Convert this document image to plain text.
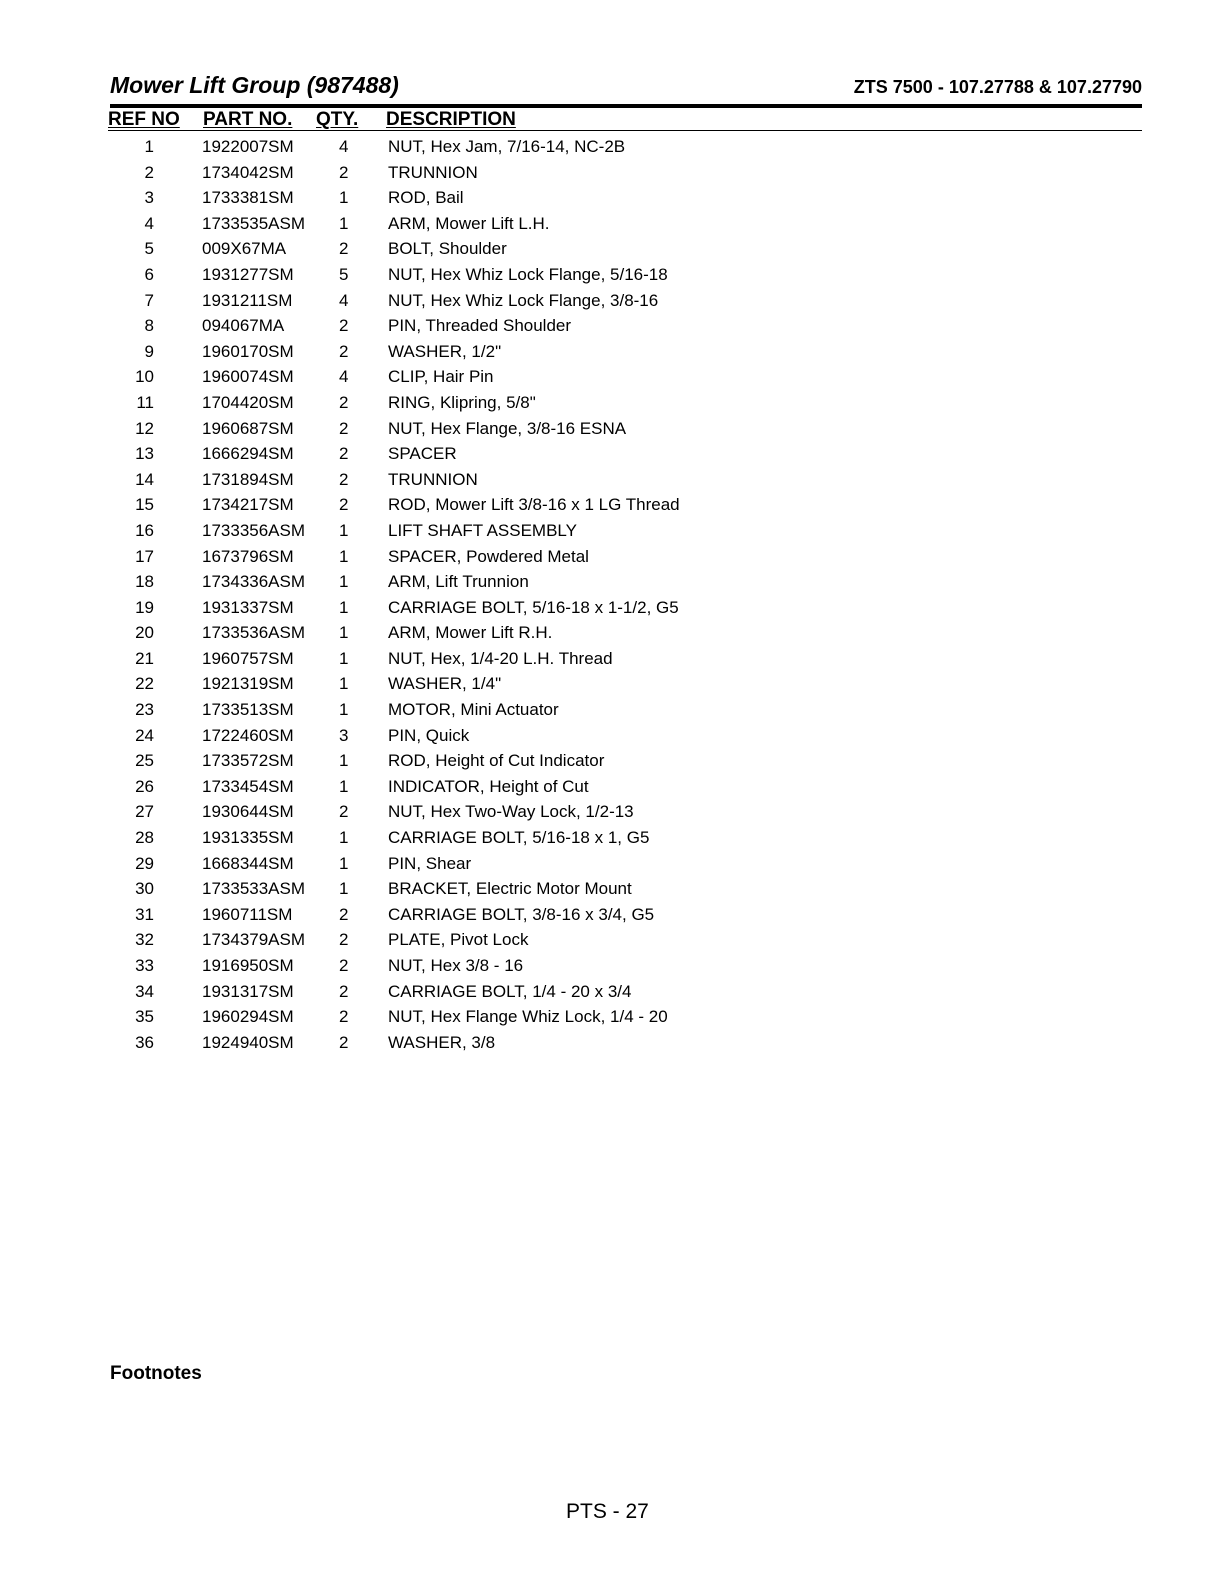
Mower Lift Group (987488)	ZTS 7500 - 107.27788 & 107.27790
REF NO PART NO. QTY. DESCRIPTION
1	1922007SM	4 NUT, Hex Jam, 7/16-14, NC-2B
2	1734042SM	2 TRUNNION
3	1733381SM	1 ROD, Bail
4	1733535ASM 1 ARM, Mower Lift L.H.
5	009X67MA	2 BOLT, Shoulder
6	1931277SM	5 NUT, Hex Whiz Lock Flange, 5/16-18
7	1931211SM	4 NUT, Hex Whiz Lock Flange, 3/8-16
8	094067MA	2 PIN, Threaded Shoulder
9	1960170SM	2 WASHER, 1/2"
10	1960074SM	4 CLIP, Hair Pin
11	1704420SM	2 RING, Klipring, 5/8"
12	1960687SM	2 NUT, Hex Flange, 3/8-16 ESNA
13	1666294SM	2 SPACER
14	1731894SM	2 TRUNNION
15	1734217SM	2 ROD, Mower Lift 3/8-16 x 1 LG Thread
16	1733356ASM 1 LIFT SHAFT ASSEMBLY
17	1673796SM	1 SPACER, Powdered Metal
18	1734336ASM 1 ARM, Lift Trunnion
19	1931337SM	1 CARRIAGE BOLT, 5/16-18 x 1-1/2, G5
20	1733536ASM 1 ARM, Mower Lift R.H.
21	1960757SM	1 NUT, Hex, 1/4-20 L.H. Thread
22	1921319SM	1 WASHER, 1/4"
23	1733513SM	1 MOTOR, Mini Actuator
24	1722460SM	3 PIN, Quick
25	1733572SM	1 ROD, Height of Cut Indicator
26	1733454SM	1 INDICATOR, Height of Cut
27	1930644SM	2 NUT, Hex Two-Way Lock, 1/2-13
28	1931335SM	1 CARRIAGE BOLT, 5/16-18 x 1, G5
29	1668344SM	1 PIN, Shear
30	1733533ASM 1 BRACKET, Electric Motor Mount
31	1960711SM	2 CARRIAGE BOLT, 3/8-16 x 3/4, G5
32	1734379ASM 2 PLATE, Pivot Lock
33	1916950SM	2 NUT, Hex 3/8 - 16
34	1931317SM	2 CARRIAGE BOLT, 1/4 - 20 x 3/4
35	1960294SM	2 NUT, Hex Flange Whiz Lock, 1/4 - 20
36	1924940SM	2 WASHER, 3/8
Footnotes
PTS - 27
